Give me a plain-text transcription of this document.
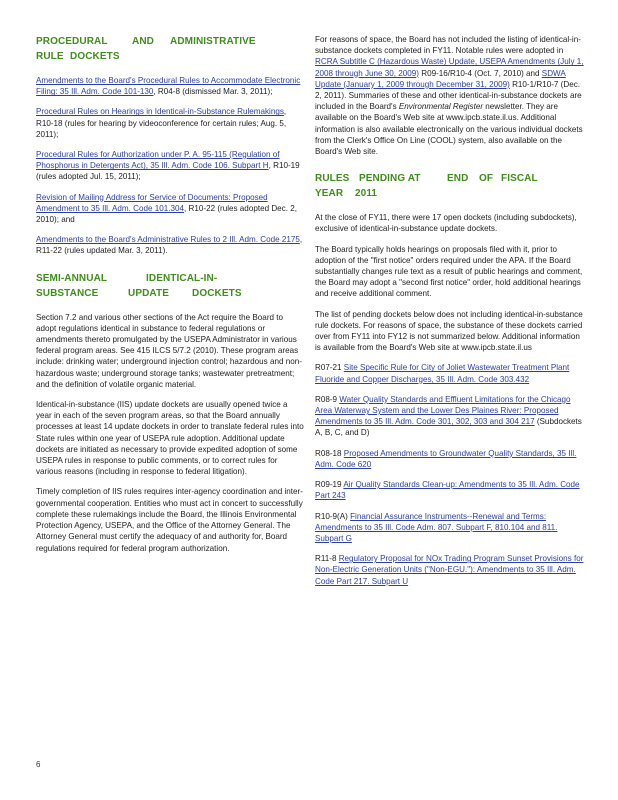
PROCEDURAL AND ADMINISTRATIVE
RULE DOCKETS

Amendments to the Board's Procedural Rules to Accommodate Electronic Filing: 35 Ill. Adm. Code 101-130, R04-8 (dismissed Mar. 3, 2011);

Procedural Rules on Hearings in Identical-in-Substance Rulemakings, R10-18 (rules for hearing by videoconference for certain rules; Aug. 5, 2011);

Procedural Rules for Authorization under P. A. 95-115 (Regulation of Phosphorus in Detergents Act), 35 Ill. Adm. Code 106. Subpart H, R10-19 (rules adopted Jul. 15, 2011);

Revision of Mailing Address for Service of Documents: Proposed Amendment to 35 Ill. Adm. Code 101.304, R10-22 (rules adopted Dec. 2, 2010); and

Amendments to the Board's Administrative Rules to 2 Ill. Adm. Code 2175, R11-22 (rules updated Mar. 3, 2011).

SEMI-ANNUAL	IDENTICAL-IN-
SUBSTANCE	UPDATE DOCKETS

Section 7.2 and various other sections of the Act require the Board to adopt regulations identical in substance to federal regulations or amendments thereto promulgated by the USEPA Administrator in various federal program areas. See 415 ILCS 5/7.2 (2010). These program areas include: drinking water; underground injection control; hazardous and non-hazardous waste; underground storage tanks; wastewater pretreatment; and the definition of volatile organic material.

Identical-in-substance (IIS) update dockets are usually opened twice a year in each of the seven program areas, so that the Board annually processes at least 14 update dockets in order to translate federal rules into State rules within one year of USEPA rule adoption. Additional update dockets are initiated as necessary to provide expedited adoption of some USEPA rules in response to public comments, or to correct rules for various reasons (including in response to federal litigation).

Timely completion of IIS rules requires inter-agency coordination and inter-governmental cooperation. Entities who must act in concert to successfully complete these rulemakings include the Board, the Illinois Environmental Protection Agency, USEPA, and the Office of the Attorney General. The Attorney General must certify the adequacy of and authority for, Board regulations required for federal program authorization.

For reasons of space, the Board has not included the listing of identical-in-substance dockets completed in FY11. Notable rules were adopted in RCRA Subtitle C (Hazardous Waste) Update, USEPA Amendments (July 1, 2008 through June 30, 2009) R09-16/R10-4 (Oct. 7, 2010) and SDWA Update (January 1, 2009 through December 31, 2009) R10-1/R10-7 (Dec. 2, 2011). Summaries of these and other identical-in-substance dockets are included in the Board's Environmental Register newsletter. They are available on the Board's Web site at www.ipcb.state.il.us. Additional information is also available electronically on the various individual dockets from the Clerk's Office On Line (COOL) system, also available on the Board's Web site.

RULES PENDING AT	END OF FISCAL
YEAR 2011

At the close of FY11, there were 17 open dockets (including subdockets), exclusive of identical-in-substance update dockets.

The Board typically holds hearings on proposals filed with it, prior to adoption of the "first notice" orders required under the APA. If the Board substantially changes rule text as a result of public hearings and comment, the Board may adopt a "second first notice" order, hold additional hearings and receive additional comment.

The list of pending dockets below does not including identical-in-substance rule dockets. For reasons of space, the substance of these dockets carried over from FY11 into FY12 is not summarized below. Additional information is available from the Board's Web site at www.ipcb.state.il.us

R07-21 Site Specific Rule for City of Joliet Wastewater Treatment Plant Fluoride and Copper Discharges, 35 Ill. Adm. Code 303.432

R08-9 Water Quality Standards and Effluent Limitations for the Chicago Area Waterway System and the Lower Des Plaines River: Proposed Amendments to 35 Ill. Adm. Code 301, 302, 303 and 304 217 (Subdockets A, B, C, and D)

R08-18 Proposed Amendments to Groundwater Quality Standards, 35 Ill. Adm. Code 620

R09-19 Air Quality Standards Clean-up: Amendments to 35 Ill. Adm. Code Part 243

R10-9(A) Financial Assurance Instruments--Renewal and Terms: Amendments to 35 Ill. Code Adm. 807. Subpart F, 810.104 and 811. Subpart G

R11-8 Regulatory Proposal for NOx Trading Program Sunset Provisions for Non-Electric Generation Units ("Non-EGU."): Amendments to 35 Ill. Adm. Code Part 217. Subpart U

6
